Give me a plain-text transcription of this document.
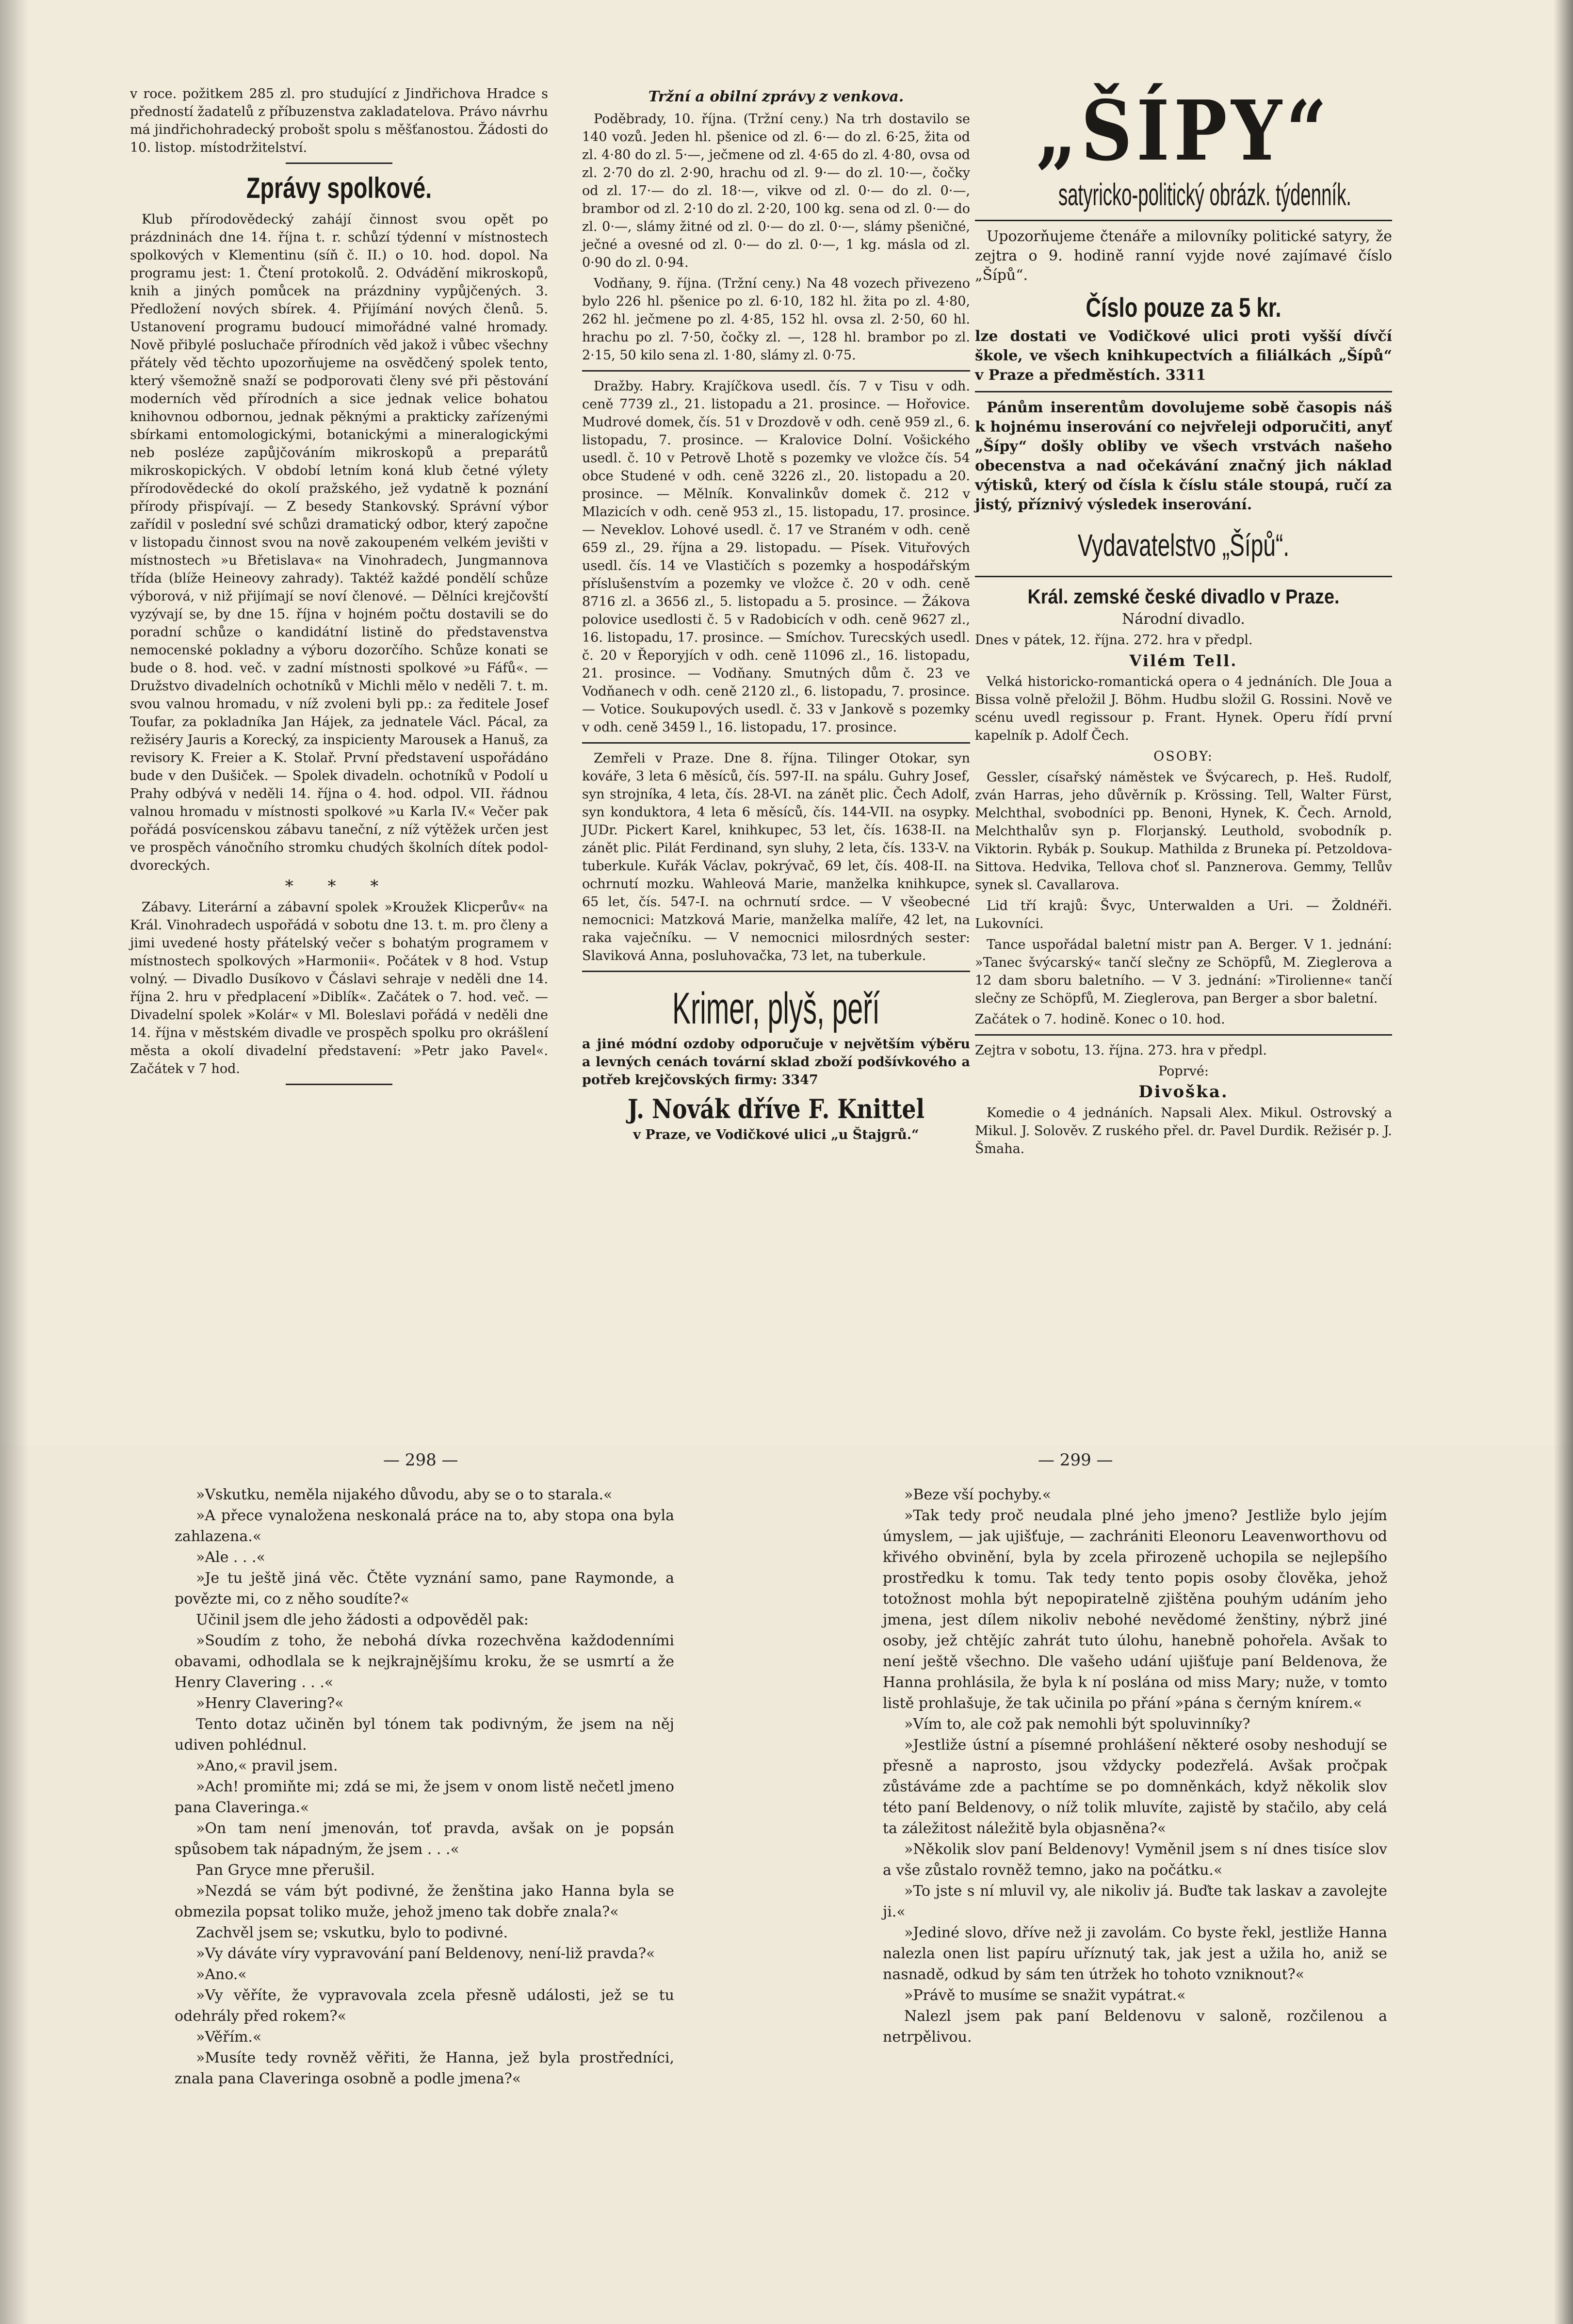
v roce. požitkem 285 zl. pro studující z Jindřichova Hradce s předností žadatelů z příbuzenstva zakladatelova. Právo návrhu má jindřichohradecký probošt spolu s měšťanostou. Žádosti do 10. listop. místodržitelství.

Zprávy spolkové.

Klub přírodovědecký zahájí činnost svou opět po prázdninách dne 14. října t. r. schůzí týdenní v místnostech spolkových v Klementinu (síň č. II.) o 10. hod. dopol. Na programu jest: 1. Čtení protokolů. 2. Odvádění mikroskopů, knih a jiných pomůcek na prázdniny vypůjčených. 3. Předložení nových sbírek. 4. Přijímání nových členů. 5. Ustanovení programu budoucí mimořádné valné hromady. Nově přibylé posluchače přírodních věd jakož i vůbec všechny přátely věd těchto upozorňujeme na osvědčený spolek tento, který všemožně snaží se podporovati členy své při pěstování moderních věd přírodních a sice jednak velice bohatou knihovnou odbornou, jednak pěknými a prakticky zařízenými sbírkami entomologickými, botanickými a mineralogickými neb posléze zapůjčováním mikroskopů a preparátů mikroskopických. V období letním koná klub četné výlety přírodovědecké do okolí pražského, jež vydatně k poznání přírody přispívají. — Z besedy Stankovský. Správní výbor zařídil v poslední své schůzi dramatický odbor, který započne v listopadu činnost svou na nově zakoupeném velkém jevišti v místnostech »u Břetislava« na Vinohradech, Jungmannova třída (blíže Heineovy zahrady). Taktéž každé pondělí schůze výborová, v niž přijímají se noví členové. — Dělníci krejčovští vyzývají se, by dne 15. října v hojném počtu dostavili se do poradní schůze o kandidátní listině do představenstva nemocenské pokladny a výboru dozorčího. Schůze konati se bude o 8. hod. več. v zadní místnosti spolkové »u Fáfů«. — Družstvo divadelních ochotníků v Michli mělo v neděli 7. t. m. svou valnou hromadu, v níž zvoleni byli pp.: za ředitele Josef Toufar, za pokladníka Jan Hájek, za jednatele Václ. Pácal, za režiséry Jauris a Korecký, za inspicienty Marousek a Hanuš, za revisory K. Freier a K. Stolař. První představení uspořádáno bude v den Dušiček. — Spolek divadeln. ochotníků v Podolí u Prahy odbývá v neděli 14. října o 4. hod. odpol. VII. řádnou valnou hromadu v místnosti spolkové »u Karla IV.« Večer pak pořádá posvícenskou zábavu taneční, z níž výtěžek určen jest ve prospěch vánočního stromku chudých školních dítek podol-dvoreckých.

* * *

Zábavy. Literární a zábavní spolek »Kroužek Klicperův« na Král. Vinohradech uspořádá v sobotu dne 13. t. m. pro členy a jimi uvedené hosty přátelský večer s bohatým programem v místnostech spolkových »Harmonii«. Počátek v 8 hod. Vstup volný. — Divadlo Dusíkovo v Čáslavi sehraje v neděli dne 14. října 2. hru v předplacení »Diblík«. Začátek o 7. hod. več. — Divadelní spolek »Kolár« v Ml. Boleslavi pořádá v neděli dne 14. října v městském divadle ve prospěch spolku pro okrášlení města a okolí divadelní představení: »Petr jako Pavel«. Začátek v 7 hod.

Tržní a obilní zprávy z venkova.

Poděbrady, 10. října. (Tržní ceny.) Na trh dostavilo se 140 vozů. Jeden hl. pšenice od zl. 6·— do zl. 6·25, žita od zl. 4·80 do zl. 5·—, ječmene od zl. 4·65 do zl. 4·80, ovsa od zl. 2·70 do zl. 2·90, hrachu od zl. 9·— do zl. 10·—, čočky od zl. 17·— do zl. 18·—, vikve od zl. 0·— do zl. 0·—, brambor od zl. 2·10 do zl. 2·20, 100 kg. sena od zl. 0·— do zl. 0·—, slámy žitné od zl. 0·— do zl. 0·—, slámy pšeničné, ječné a ovesné od zl. 0·— do zl. 0·—, 1 kg. másla od zl. 0·90 do zl. 0·94.

Vodňany, 9. října. (Tržní ceny.) Na 48 vozech přivezeno bylo 226 hl. pšenice po zl. 6·10, 182 hl. žita po zl. 4·80, 262 hl. ječmene po zl. 4·85, 152 hl. ovsa zl. 2·50, 60 hl. hrachu po zl. 7·50, čočky zl. —, 128 hl. brambor po zl. 2·15, 50 kilo sena zl. 1·80, slámy zl. 0·75.

Dražby. Habry. Krajíčkova usedl. čís. 7 v Tisu v odh. ceně 7739 zl., 21. listopadu a 21. prosince. — Hořovice. Mudrové domek, čís. 51 v Drozdově v odh. ceně 959 zl., 6. listopadu, 7. prosince. — Kralovice Dolní. Vošického usedl. č. 10 v Petrově Lhotě s pozemky ve vložce čís. 54 obce Studené v odh. ceně 3226 zl., 20. listopadu a 20. prosince. — Mělník. Konvalinkův domek č. 212 v Mlazicích v odh. ceně 953 zl., 15. listopadu, 17. prosince. — Neveklov. Lohové usedl. č. 17 ve Straném v odh. ceně 659 zl., 29. října a 29. listopadu. — Písek. Vituřových usedl. čís. 14 ve Vlastičích s pozemky a hospodářským příslušenstvím a pozemky ve vložce č. 20 v odh. ceně 8716 zl. a 3656 zl., 5. listopadu a 5. prosince. — Žákova polovice usedlosti č. 5 v Radobicích v odh. ceně 9627 zl., 16. listopadu, 17. prosince. — Smíchov. Turecských usedl. č. 20 v Řeporyjích v odh. ceně 11096 zl., 16. listopadu, 21. prosince. — Vodňany. Smutných dům č. 23 ve Vodňanech v odh. ceně 2120 zl., 6. listopadu, 7. prosince. — Votice. Soukupových usedl. č. 33 v Jankově s pozemky v odh. ceně 3459 l., 16. listopadu, 17. prosince.

Zemřeli v Praze. Dne 8. října. Tilinger Otokar, syn kováře, 3 leta 6 měsíců, čís. 597-II. na spálu. Guhry Josef, syn strojníka, 4 leta, čís. 28-VI. na zánět plic. Čech Adolf, syn konduktora, 4 leta 6 měsíců, čís. 144-VII. na osypky. JUDr. Pickert Karel, knihkupec, 53 let, čís. 1638-II. na zánět plic. Pilát Ferdinand, syn sluhy, 2 leta, čís. 133-V. na tuberkule. Kuřák Václav, pokrývač, 69 let, čís. 408-II. na ochrnutí mozku. Wahleová Marie, manželka knihkupce, 65 let, čís. 547-I. na ochrnutí srdce. — V všeobecné nemocnici: Matzková Marie, manželka malíře, 42 let, na raka vaječníku. — V nemocnici milosrdných sester: Slaviková Anna, posluhovačka, 73 let, na tuberkule.

Krimer, plyš, peří

a jiné módní ozdoby odporučuje v největším výběru a levných cenách tovární sklad zboží podšívkového a potřeb krejčovských firmy: 3347

J. Novák dříve F. Knittel

v Praze, ve Vodičkové ulici „u Štajgrů.“

„ŠÍPY“
satyricko-politický obrázk. týdenník.

Upozorňujeme čtenáře a milovníky politické satyry, že zejtra o 9. hodině ranní vyjde nové zajímavé číslo „Šípů“.

Číslo pouze za 5 kr.

lze dostati ve Vodičkové ulici proti vyšší dívčí škole, ve všech knihkupectvích a filiálkách „Šípů“ v Praze a předměstích. 3311

Pánům inserentům dovolujeme sobě časopis náš k hojnému inserování co nejvřeleji odporučiti, anyť „Šípy“ došly obliby ve všech vrstvách našeho obecenstva a nad očekávání značný jich náklad výtisků, který od čísla k číslu stále stoupá, ručí za jistý, příznivý výsledek inserování.

Vydavatelstvo „Šípů“.
Král. zemské české divadlo v Praze.

Národní divadlo.

Dnes v pátek, 12. října. 272. hra v předpl.

Vilém Tell.

Velká historicko-romantická opera o 4 jednáních. Dle Joua a Bissa volně přeložil J. Böhm. Hudbu složil G. Rossini. Nově ve scénu uvedl regissour p. Frant. Hynek. Operu řídí první kapelník p. Adolf Čech.

OSOBY:

Gessler, císařský náměstek ve Švýcarech, p. Heš. Rudolf, zván Harras, jeho důvěrník p. Krössing. Tell, Walter Fürst, Melchthal, svobodníci pp. Benoni, Hynek, K. Čech. Arnold, Melchthalův syn p. Florjanský. Leuthold, svobodník p. Viktorin. Rybák p. Soukup. Mathilda z Bruneka pí. Petzoldova-Sittova. Hedvika, Tellova choť sl. Panznerova. Gemmy, Tellův synek sl. Cavallarova.

Lid tří krajů: Švyc, Unterwalden a Uri. — Žoldnéři. Lukovníci.

Tance uspořádal baletní mistr pan A. Berger. V 1. jednání: »Tanec švýcarský« tančí slečny ze Schöpfů, M. Zieglerova a 12 dam sboru baletního. — V 3. jednání: »Tirolienne« tančí slečny ze Schöpfů, M. Zieglerova, pan Berger a sbor baletní.

Začátek o 7. hodině. Konec o 10. hod.

Zejtra v sobotu, 13. října. 273. hra v předpl.

Poprvé:

Divoška.

Komedie o 4 jednáních. Napsali Alex. Mikul. Ostrovský a Mikul. J. Solověv. Z ruského přel. dr. Pavel Durdik. Režisér p. J. Šmaha.

— 298 —	— 299 —

»Vskutku, neměla nijakého důvodu, aby se o to starala.«

»A přece vynaložena neskonalá práce na to, aby stopa ona byla zahlazena.«

»Ale . . .«

»Je tu ještě jiná věc. Čtěte vyznání samo, pane Raymonde, a povězte mi, co z něho soudíte?«

Učinil jsem dle jeho žádosti a odpověděl pak:

»Soudím z toho, že nebohá dívka rozechvěna každodenními obavami, odhodlala se k nejkrajnějšímu kroku, že se usmrtí a že Henry Clavering . . .«

»Henry Clavering?«

Tento dotaz učiněn byl tónem tak podivným, že jsem na něj udiven pohlédnul.

»Ano,« pravil jsem.

»Ach! promiňte mi; zdá se mi, že jsem v onom listě nečetl jmeno pana Claveringa.«

»On tam není jmenován, toť pravda, avšak on je popsán spůsobem tak nápadným, že jsem . . .«

Pan Gryce mne přerušil.

»Nezdá se vám být podivné, že ženština jako Hanna byla se obmezila popsat toliko muže, jehož jmeno tak dobře znala?«

Zachvěl jsem se; vskutku, bylo to podivné.

»Vy dáváte víry vypravování paní Beldenovy, není-liž pravda?«

»Ano.«

»Vy věříte, že vypravovala zcela přesně události, jež se tu odehrály před rokem?«

»Věřím.«

»Musíte tedy rovněž věřiti, že Hanna, jež byla prostředníci, znala pana Claveringa osobně a podle jmena?«

»Beze vší pochyby.«

»Tak tedy proč neudala plné jeho jmeno? Jestliže bylo jejím úmyslem, — jak ujišťuje, — zachrániti Eleonoru Leavenworthovu od křivého obvinění, byla by zcela přirozeně uchopila se nejlepšího prostředku k tomu. Tak tedy tento popis osoby člověka, jehož totožnost mohla být nepopiratelně zjištěna pouhým udáním jeho jmena, jest dílem nikoliv nebohé nevědomé ženštiny, nýbrž jiné osoby, jež chtějíc zahrát tuto úlohu, hanebně pohořela. Avšak to není ještě všechno. Dle vašeho udání ujišťuje paní Beldenova, že Hanna prohlásila, že byla k ní poslána od miss Mary; nuže, v tomto listě prohlašuje, že tak učinila po přání »pána s černým knírem.«

»Vím to, ale což pak nemohli být spoluvinníky?

»Jestliže ústní a písemné prohlášení některé osoby neshodují se přesně a naprosto, jsou vždycky podezřelá. Avšak pročpak zůstáváme zde a pachtíme se po domněnkách, když několik slov této paní Beldenovy, o níž tolik mluvíte, zajistě by stačilo, aby celá ta záležitost náležitě byla objasněna?«

»Několik slov paní Beldenovy! Vyměnil jsem s ní dnes tisíce slov a vše zůstalo rovněž temno, jako na počátku.«

»To jste s ní mluvil vy, ale nikoliv já. Buďte tak laskav a zavolejte ji.«

»Jediné slovo, dříve než ji zavolám. Co byste řekl, jestliže Hanna nalezla onen list papíru uříznutý tak, jak jest a užila ho, aniž se nasnadě, odkud by sám ten útržek ho tohoto vzniknout?«

»Právě to musíme se snažit vypátrat.«

Nalezl jsem pak paní Beldenovu v saloně, rozčilenou a netrpělivou.
